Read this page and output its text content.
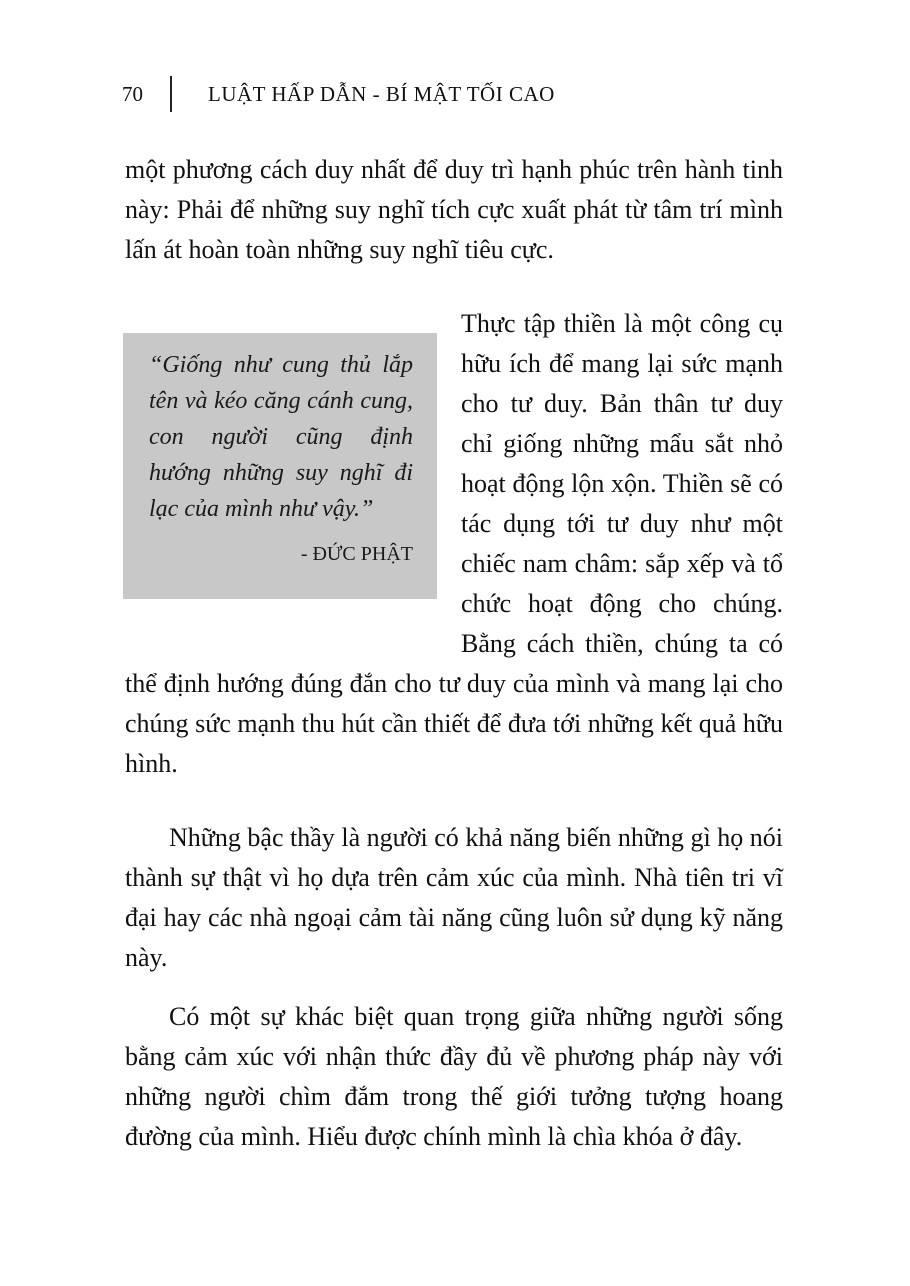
70	LUẬT HẤP DẪN - BÍ MẬT TỐI CAO

một phương cách duy nhất để duy trì hạnh phúc trên hành tinh này: Phải để những suy nghĩ tích cực xuất phát từ tâm trí mình lấn át hoàn toàn những suy nghĩ tiêu cực.

Thực tập thiền là một công cụ hữu ích để mang lại sức mạnh cho tư duy. Bản thân tư duy chỉ giống những mẩu sắt nhỏ hoạt động lộn xộn. Thiền sẽ có tác dụng tới tư duy như một chiếc nam châm: sắp xếp và tổ chức hoạt động cho chúng. Bằng cách thiền, chúng ta có thể định hướng đúng đắn cho tư duy của mình và mang lại cho chúng sức mạnh thu hút cần thiết để đưa tới những kết quả hữu hình.

“Giống như cung thủ lắp tên và kéo căng cánh cung, con người cũng định hướng những suy nghĩ đi lạc của mình như vậy.”

- ĐỨC PHẬT

Những bậc thầy là người có khả năng biến những gì họ nói thành sự thật vì họ dựa trên cảm xúc của mình. Nhà tiên tri vĩ đại hay các nhà ngoại cảm tài năng cũng luôn sử dụng kỹ năng này.

Có một sự khác biệt quan trọng giữa những người sống bằng cảm xúc với nhận thức đầy đủ về phương pháp này với những người chìm đắm trong thế giới tưởng tượng hoang đường của mình. Hiểu được chính mình là chìa khóa ở đây.
